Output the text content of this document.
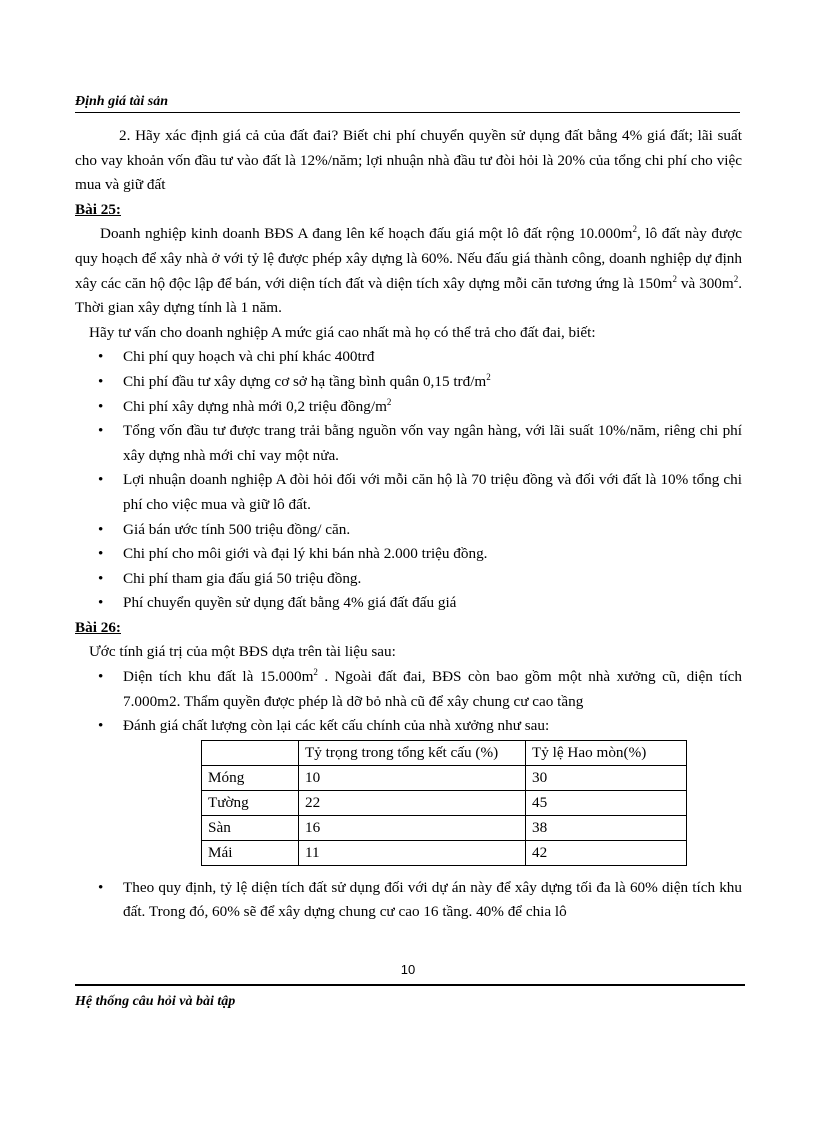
Định giá tài sản

2. Hãy xác định giá cả của đất đai? Biết chi phí chuyển quyền sử dụng đất bằng 4% giá đất; lãi suất cho vay khoản vốn đầu tư vào đất là 12%/năm; lợi nhuận nhà đầu tư đòi hỏi là 20% của tổng chi phí cho việc mua và giữ đất

Bài 25:

Doanh nghiệp kinh doanh BĐS A đang lên kế hoạch đấu giá một lô đất rộng $10.000m^2$, lô đất này được quy hoạch để xây nhà ở với tỷ lệ được phép xây dựng là 60%. Nếu đấu giá thành công, doanh nghiệp dự định xây các căn hộ độc lập để bán, với diện tích đất và diện tích xây dựng mỗi căn tương ứng là $150m^2$ và $300m^2$. Thời gian xây dựng tính là 1 năm.

Hãy tư vấn cho doanh nghiệp A mức giá cao nhất mà họ có thể trả cho đất đai, biết:

• Chi phí quy hoạch và chi phí khác 400trđ
• Chi phí đầu tư xây dựng cơ sở hạ tầng bình quân 0,15 trđ/$m^2$
• Chi phí xây dựng nhà mới 0,2 triệu đồng/$m^2$
• Tổng vốn đầu tư được trang trải bằng nguồn vốn vay ngân hàng, với lãi suất 10%/năm, riêng chi phí xây dựng nhà mới chỉ vay một nửa.
• Lợi nhuận doanh nghiệp A đòi hỏi đối với mỗi căn hộ là 70 triệu đồng và đối với đất là 10% tổng chi phí cho việc mua và giữ lô đất.
• Giá bán ước tính 500 triệu đồng/ căn.
• Chi phí cho môi giới và đại lý khi bán nhà 2.000 triệu đồng.
• Chi phí tham gia đấu giá 50 triệu đồng.
• Phí chuyển quyền sử dụng đất bằng 4% giá đất đấu giá

Bài 26:

Ước tính giá trị của một BĐS dựa trên tài liệu sau:

• Diện tích khu đất là $15.000m^2$ . Ngoài đất đai, BĐS còn bao gồm một nhà xưởng cũ, diện tích 7.000m2. Thẩm quyền được phép là dỡ bỏ nhà cũ để xây chung cư cao tầng
• Đánh giá chất lượng còn lại các kết cấu chính của nhà xưởng như sau:
	Tỷ trọng trong tổng kết cấu (%)	Tỷ lệ Hao mòn(%)
Móng	10	30
Tường	22	45
Sàn	16	38
Mái	11	42
• Theo quy định, tỷ lệ diện tích đất sử dụng đối với dự án này để xây dựng tối đa là 60% diện tích khu đất. Trong đó, 60% sẽ để xây dựng chung cư cao 16 tầng. 40% để chia lô
10
Hệ thống câu hỏi và bài tập
